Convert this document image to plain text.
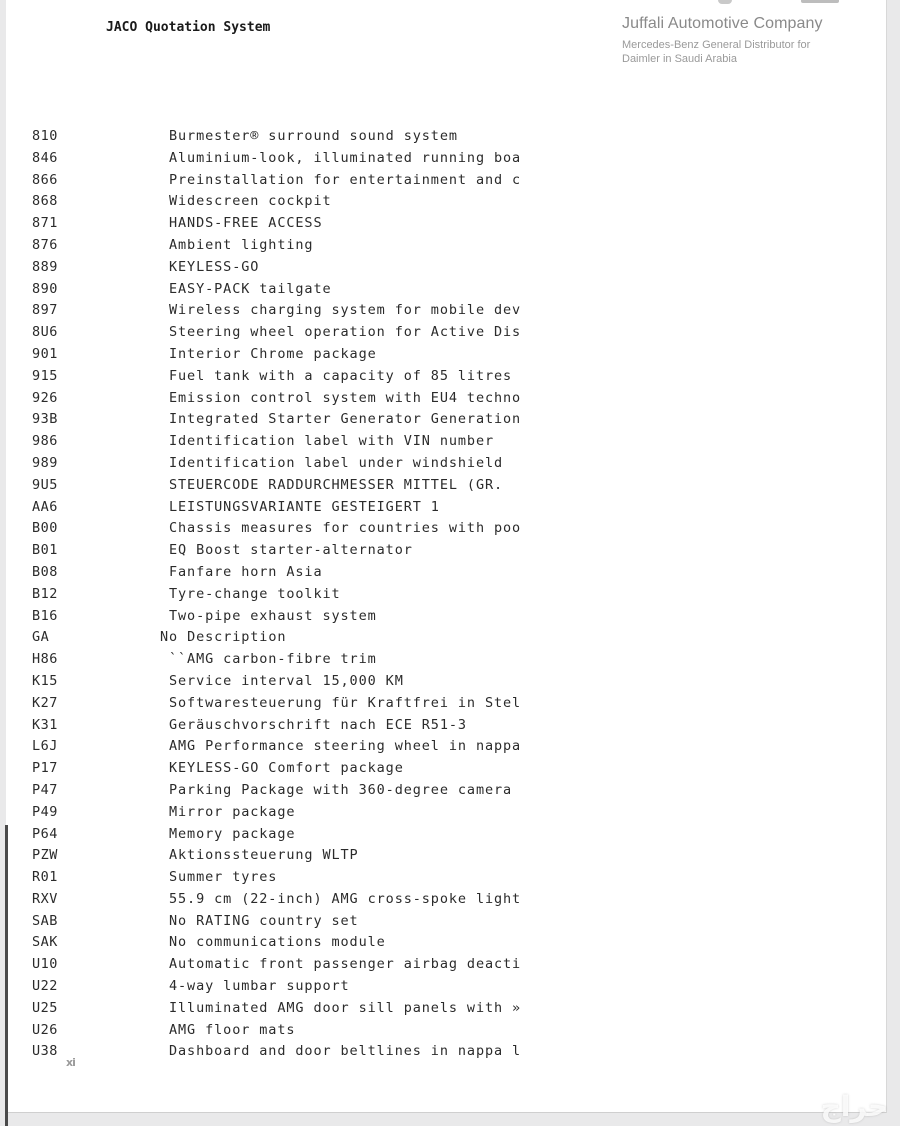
JACO Quotation System	Juffali Automotive Company
Mercedes-Benz General Distributor for
Daimler in Saudi Arabia
810	Burmester® surround sound system
846	Aluminium-look, illuminated running boa
866	Preinstallation for entertainment and c
868	Widescreen cockpit
871	HANDS-FREE ACCESS
876	Ambient lighting
889	KEYLESS-GO
890	EASY-PACK tailgate
897	Wireless charging system for mobile dev
8U6	Steering wheel operation for Active Dis
901	Interior Chrome package
915	Fuel tank with a capacity of 85 litres
926	Emission control system with EU4 techno
93B	Integrated Starter Generator Generation
986	Identification label with VIN number
989	Identification label under windshield
9U5	STEUERCODE RADDURCHMESSER MITTEL (GR.
AA6	LEISTUNGSVARIANTE GESTEIGERT 1
B00	Chassis measures for countries with poo
B01	EQ Boost starter-alternator
B08	Fanfare horn Asia
B12	Tyre-change toolkit
B16	Two-pipe exhaust system
GA	No Description
H86	``AMG carbon-fibre trim
K15	Service interval 15,000 KM
K27	Softwaresteuerung für Kraftfrei in Stel
K31	Geräuschvorschrift nach ECE R51-3
L6J	AMG Performance steering wheel in nappa
P17	KEYLESS-GO Comfort package
P47	Parking Package with 360-degree camera
P49	Mirror package
P64	Memory package
PZW	Aktionssteuerung WLTP
R01	Summer tyres
RXV	55.9 cm (22-inch) AMG cross-spoke light
SAB	No RATING country set
SAK	No communications module
U10	Automatic front passenger airbag deacti
U22	4-way lumbar support
U25	Illuminated AMG door sill panels with »
U26	AMG floor mats
U38	Dashboard and door beltlines in nappa l
xi
حراج
